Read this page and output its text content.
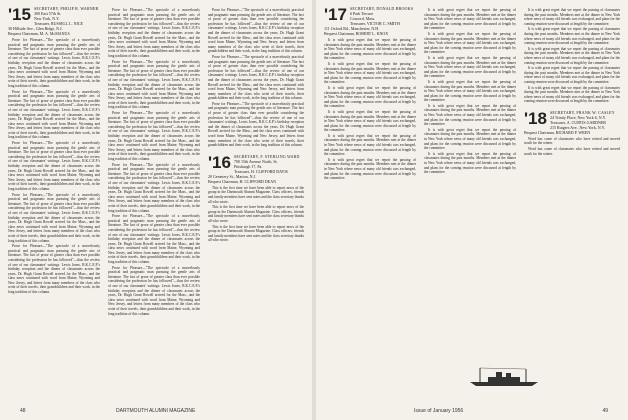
'15 SECRETARY, PHILIP R. WARNER
300 East 57th St.
New York, N.Y.
Treasurer, RUSSELL L. NICE
30 Hillside Ave., Glen Ridge, N.J.
Bequest Chairman, M. A. McMANUS

Prose for Pleasure—"The spectacle of a marvelously practical and pragmatic man pursuing the gentle arts of literature. The fact of prose of greater class than ever possible considering the profession he has followed"—thus the review of one of our classmates' writings. Lewis Jones, R.K.C.E.P.'s birthday reception and the dinner of classmates across the years, Dr. Hugh Grant Rowell arrived for the Mass., and the class news continued with word from Maine, Wyoming and New Jersey, and letters from many members of the class who write of their travels, their grandchildren and their work, in the long tradition of this column.

Prose for Pleasure—"The spectacle of a marvelously practical and pragmatic man pursuing the gentle arts of literature. The fact of prose of greater class than ever possible considering the profession he has followed"—thus the review of one of our classmates' writings. Lewis Jones, R.K.C.E.P.'s birthday reception and the dinner of classmates across the years, Dr. Hugh Grant Rowell arrived for the Mass., and the class news continued with word from Maine, Wyoming and New Jersey, and letters from many members of the class who write of their travels, their grandchildren and their work, in the long tradition of this column.

Prose for Pleasure—"The spectacle of a marvelously practical and pragmatic man pursuing the gentle arts of literature. The fact of prose of greater class than ever possible considering the profession he has followed"—thus the review of one of our classmates' writings. Lewis Jones, R.K.C.E.P.'s birthday reception and the dinner of classmates across the years, Dr. Hugh Grant Rowell arrived for the Mass., and the class news continued with word from Maine, Wyoming and New Jersey, and letters from many members of the class who write of their travels, their grandchildren and their work, in the long tradition of this column.

Prose for Pleasure—"The spectacle of a marvelously practical and pragmatic man pursuing the gentle arts of literature. The fact of prose of greater class than ever possible considering the profession he has followed"—thus the review of one of our classmates' writings. Lewis Jones, R.K.C.E.P.'s birthday reception and the dinner of classmates across the years, Dr. Hugh Grant Rowell arrived for the Mass., and the class news continued with word from Maine, Wyoming and New Jersey, and letters from many members of the class who write of their travels, their grandchildren and their work, in the long tradition of this column.

Prose for Pleasure—"The spectacle of a marvelously practical and pragmatic man pursuing the gentle arts of literature. The fact of prose of greater class than ever possible considering the profession he has followed"—thus the review of one of our classmates' writings. Lewis Jones, R.K.C.E.P.'s birthday reception and the dinner of classmates across the years, Dr. Hugh Grant Rowell arrived for the Mass., and the class news continued with word from Maine, Wyoming and New Jersey, and letters from many members of the class who write of their travels, their grandchildren and their work, in the long tradition of this column.

Prose for Pleasure—"The spectacle of a marvelously practical and pragmatic man pursuing the gentle arts of literature. The fact of prose of greater class than ever possible considering the profession he has followed"—thus the review of one of our classmates' writings. Lewis Jones, R.K.C.E.P.'s birthday reception and the dinner of classmates across the years, Dr. Hugh Grant Rowell arrived for the Mass., and the class news continued with word from Maine, Wyoming and New Jersey, and letters from many members of the class who write of their travels, their grandchildren and their work, in the long tradition of this column.

Prose for Pleasure—"The spectacle of a marvelously practical and pragmatic man pursuing the gentle arts of literature. The fact of prose of greater class than ever possible considering the profession he has followed"—thus the review of one of our classmates' writings. Lewis Jones, R.K.C.E.P.'s birthday reception and the dinner of classmates across the years, Dr. Hugh Grant Rowell arrived for the Mass., and the class news continued with word from Maine, Wyoming and New Jersey, and letters from many members of the class who write of their travels, their grandchildren and their work, in the long tradition of this column.

Prose for Pleasure—"The spectacle of a marvelously practical and pragmatic man pursuing the gentle arts of literature. The fact of prose of greater class than ever possible considering the profession he has followed"—thus the review of one of our classmates' writings. Lewis Jones, R.K.C.E.P.'s birthday reception and the dinner of classmates across the years, Dr. Hugh Grant Rowell arrived for the Mass., and the class news continued with word from Maine, Wyoming and New Jersey, and letters from many members of the class who write of their travels, their grandchildren and their work, in the long tradition of this column.

Prose for Pleasure—"The spectacle of a marvelously practical and pragmatic man pursuing the gentle arts of literature. The fact of prose of greater class than ever possible considering the profession he has followed"—thus the review of one of our classmates' writings. Lewis Jones, R.K.C.E.P.'s birthday reception and the dinner of classmates across the years, Dr. Hugh Grant Rowell arrived for the Mass., and the class news continued with word from Maine, Wyoming and New Jersey, and letters from many members of the class who write of their travels, their grandchildren and their work, in the long tradition of this column.

Prose for Pleasure—"The spectacle of a marvelously practical and pragmatic man pursuing the gentle arts of literature. The fact of prose of greater class than ever possible considering the profession he has followed"—thus the review of one of our classmates' writings. Lewis Jones, R.K.C.E.P.'s birthday reception and the dinner of classmates across the years, Dr. Hugh Grant Rowell arrived for the Mass., and the class news continued with word from Maine, Wyoming and New Jersey, and letters from many members of the class who write of their travels, their grandchildren and their work, in the long tradition of this column.

Prose for Pleasure—"The spectacle of a marvelously practical and pragmatic man pursuing the gentle arts of literature. The fact of prose of greater class than ever possible considering the profession he has followed"—thus the review of one of our classmates' writings. Lewis Jones, R.K.C.E.P.'s birthday reception and the dinner of classmates across the years, Dr. Hugh Grant Rowell arrived for the Mass., and the class news continued with word from Maine, Wyoming and New Jersey, and letters from many members of the class who write of their travels, their grandchildren and their work, in the long tradition of this column.

Prose for Pleasure—"The spectacle of a marvelously practical and pragmatic man pursuing the gentle arts of literature. The fact of prose of greater class than ever possible considering the profession he has followed"—thus the review of one of our classmates' writings. Lewis Jones, R.K.C.E.P.'s birthday reception and the dinner of classmates across the years, Dr. Hugh Grant Rowell arrived for the Mass., and the class news continued with word from Maine, Wyoming and New Jersey, and letters from many members of the class who write of their travels, their grandchildren and their work, in the long tradition of this column.

Prose for Pleasure—"The spectacle of a marvelously practical and pragmatic man pursuing the gentle arts of literature. The fact of prose of greater class than ever possible considering the profession he has followed"—thus the review of one of our classmates' writings. Lewis Jones, R.K.C.E.P.'s birthday reception and the dinner of classmates across the years, Dr. Hugh Grant Rowell arrived for the Mass., and the class news continued with word from Maine, Wyoming and New Jersey, and letters from many members of the class who write of their travels, their grandchildren and their work, in the long tradition of this column.

Prose for Pleasure—"The spectacle of a marvelously practical and pragmatic man pursuing the gentle arts of literature. The fact of prose of greater class than ever possible considering the profession he has followed"—thus the review of one of our classmates' writings. Lewis Jones, R.K.C.E.P.'s birthday reception and the dinner of classmates across the years, Dr. Hugh Grant Rowell arrived for the Mass., and the class news continued with word from Maine, Wyoming and New Jersey, and letters from many members of the class who write of their travels, their grandchildren and their work, in the long tradition of this column.

'16 SECRETARY, F. STERLING WARD
700 15th Avenue North, St.
Pittsburgh 17, Pa.
Treasurer, H. CLIFFORD DAVIS
20 Cemetery St., Marion, N.J.
Bequest Chairman, H. CLIFFORD DEAN

This is the first time we have been able to report news of the group in the Dartmouth Alumni Magazine. Class officers, friends and family members have sent notes and the class secretary thanks all who wrote.

This is the first time we have been able to report news of the group in the Dartmouth Alumni Magazine. Class officers, friends and family members have sent notes and the class secretary thanks all who wrote.

This is the first time we have been able to report news of the group in the Dartmouth Alumni Magazine. Class officers, friends and family members have sent notes and the class secretary thanks all who wrote.

48	DARTMOUTH ALUMNI MAGAZINE
'17 SECRETARY, DONALD BROOKS
6 Park Terrace
Concord, Mass.
Treasurer, VICTOR C. SMITH
111 Oxford Rd., Manchester, N.H.
Bequest Chairman, ROBERT L. KNOX

It is with great regret that we report the passing of classmates during the past months. Members met at the dinner in New York where news of many old friends was exchanged, and plans for the coming reunion were discussed at length by the committee.

It is with great regret that we report the passing of classmates during the past months. Members met at the dinner in New York where news of many old friends was exchanged, and plans for the coming reunion were discussed at length by the committee.

It is with great regret that we report the passing of classmates during the past months. Members met at the dinner in New York where news of many old friends was exchanged, and plans for the coming reunion were discussed at length by the committee.

It is with great regret that we report the passing of classmates during the past months. Members met at the dinner in New York where news of many old friends was exchanged, and plans for the coming reunion were discussed at length by the committee.

It is with great regret that we report the passing of classmates during the past months. Members met at the dinner in New York where news of many old friends was exchanged, and plans for the coming reunion were discussed at length by the committee.

It is with great regret that we report the passing of classmates during the past months. Members met at the dinner in New York where news of many old friends was exchanged, and plans for the coming reunion were discussed at length by the committee.

It is with great regret that we report the passing of classmates during the past months. Members met at the dinner in New York where news of many old friends was exchanged, and plans for the coming reunion were discussed at length by the committee.

It is with great regret that we report the passing of classmates during the past months. Members met at the dinner in New York where news of many old friends was exchanged, and plans for the coming reunion were discussed at length by the committee.

It is with great regret that we report the passing of classmates during the past months. Members met at the dinner in New York where news of many old friends was exchanged, and plans for the coming reunion were discussed at length by the committee.

It is with great regret that we report the passing of classmates during the past months. Members met at the dinner in New York where news of many old friends was exchanged, and plans for the coming reunion were discussed at length by the committee.

It is with great regret that we report the passing of classmates during the past months. Members met at the dinner in New York where news of many old friends was exchanged, and plans for the coming reunion were discussed at length by the committee.

It is with great regret that we report the passing of classmates during the past months. Members met at the dinner in New York where news of many old friends was exchanged, and plans for the coming reunion were discussed at length by the committee.

It is with great regret that we report the passing of classmates during the past months. Members met at the dinner in New York where news of many old friends was exchanged, and plans for the coming reunion were discussed at length by the committee.

It is with great regret that we report the passing of classmates during the past months. Members met at the dinner in New York where news of many old friends was exchanged, and plans for the coming reunion were discussed at length by the committee.

It is with great regret that we report the passing of classmates during the past months. Members met at the dinner in New York where news of many old friends was exchanged, and plans for the coming reunion were discussed at length by the committee.

It is with great regret that we report the passing of classmates during the past months. Members met at the dinner in New York where news of many old friends was exchanged, and plans for the coming reunion were discussed at length by the committee.

It is with great regret that we report the passing of classmates during the past months. Members met at the dinner in New York where news of many old friends was exchanged, and plans for the coming reunion were discussed at length by the committee.

It is with great regret that we report the passing of classmates during the past months. Members met at the dinner in New York where news of many old friends was exchanged, and plans for the coming reunion were discussed at length by the committee.

'18 SECRETARY, FRANK W. CASLEY
24 Trinity Place, New York 6, N.Y.
Treasurer, A. CURTIS GARDNER
215 Rutgers Ave., New York, N.Y.
Bequest Chairman, RICHARD P. WREN

Word has come of classmates who have retired and moved south for the winter.

Word has come of classmates who have retired and moved south for the winter.

Issue of January 1956	49
